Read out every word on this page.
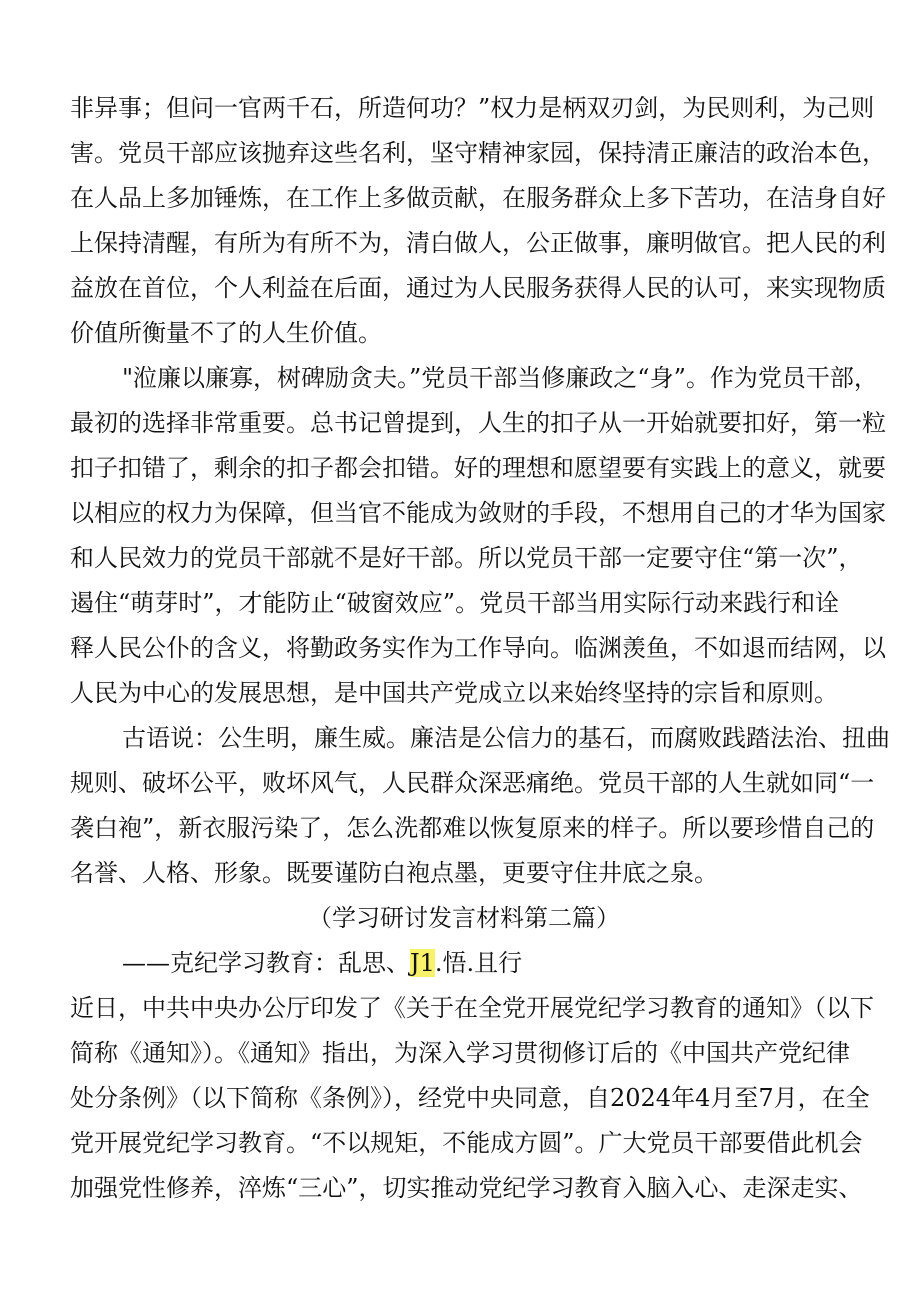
非异事；但问一官两千石，所造何功？”权力是柄双刃剑，为民则利，为己则
害。党员干部应该抛弃这些名利，坚守精神家园，保持清正廉洁的政治本色，
在人品上多加锤炼，在工作上多做贡献，在服务群众上多下苦功，在洁身自好
上保持清醒，有所为有所不为，清白做人，公正做事，廉明做官。把人民的利
益放在首位，个人利益在后面，通过为人民服务获得人民的认可，来实现物质
价值所衡量不了的人生价值。
"涖廉以廉寡，树碑励贪夫。”党员干部当修廉政之“身”。作为党员干部，
最初的选择非常重要。总书记曾提到，人生的扣子从一开始就要扣好，第一粒
扣子扣错了，剩余的扣子都会扣错。好的理想和愿望要有实践上的意义，就要
以相应的权力为保障，但当官不能成为敛财的手段，不想用自己的才华为国家
和人民效力的党员干部就不是好干部。所以党员干部一定要守住“第一次”，
遏住“萌芽时”，才能防止“破窗效应”。党员干部当用实际行动来践行和诠
释人民公仆的含义，将勤政务实作为工作导向。临渊羡鱼，不如退而结网，以
人民为中心的发展思想，是中国共产党成立以来始终坚持的宗旨和原则。
古语说：公生明，廉生威。廉洁是公信力的基石，而腐败践踏法治、扭曲
规则、破坏公平，败坏风气，人民群众深恶痛绝。党员干部的人生就如同“一
袭白袍”，新衣服污染了，怎么洗都难以恢复原来的样子。所以要珍惜自己的
名誉、人格、形象。既要谨防白袍点墨，更要守住井底之泉。
（学习研讨发言材料第二篇）
——克纪学习教育：乱思、J1.悟.且行
近日，中共中央办公厅印发了《关于在全党开展党纪学习教育的通知》（以下
简称《通知》）。《通知》指出，为深入学习贯彻修订后的《中国共产党纪律
处分条例》（以下简称《条例》），经党中央同意，自2024年4月至7月，在全
党开展党纪学习教育。“不以规矩，不能成方圆”。广大党员干部要借此机会
加强党性修养，淬炼“三心”，切实推动党纪学习教育入脑入心、走深走实、
